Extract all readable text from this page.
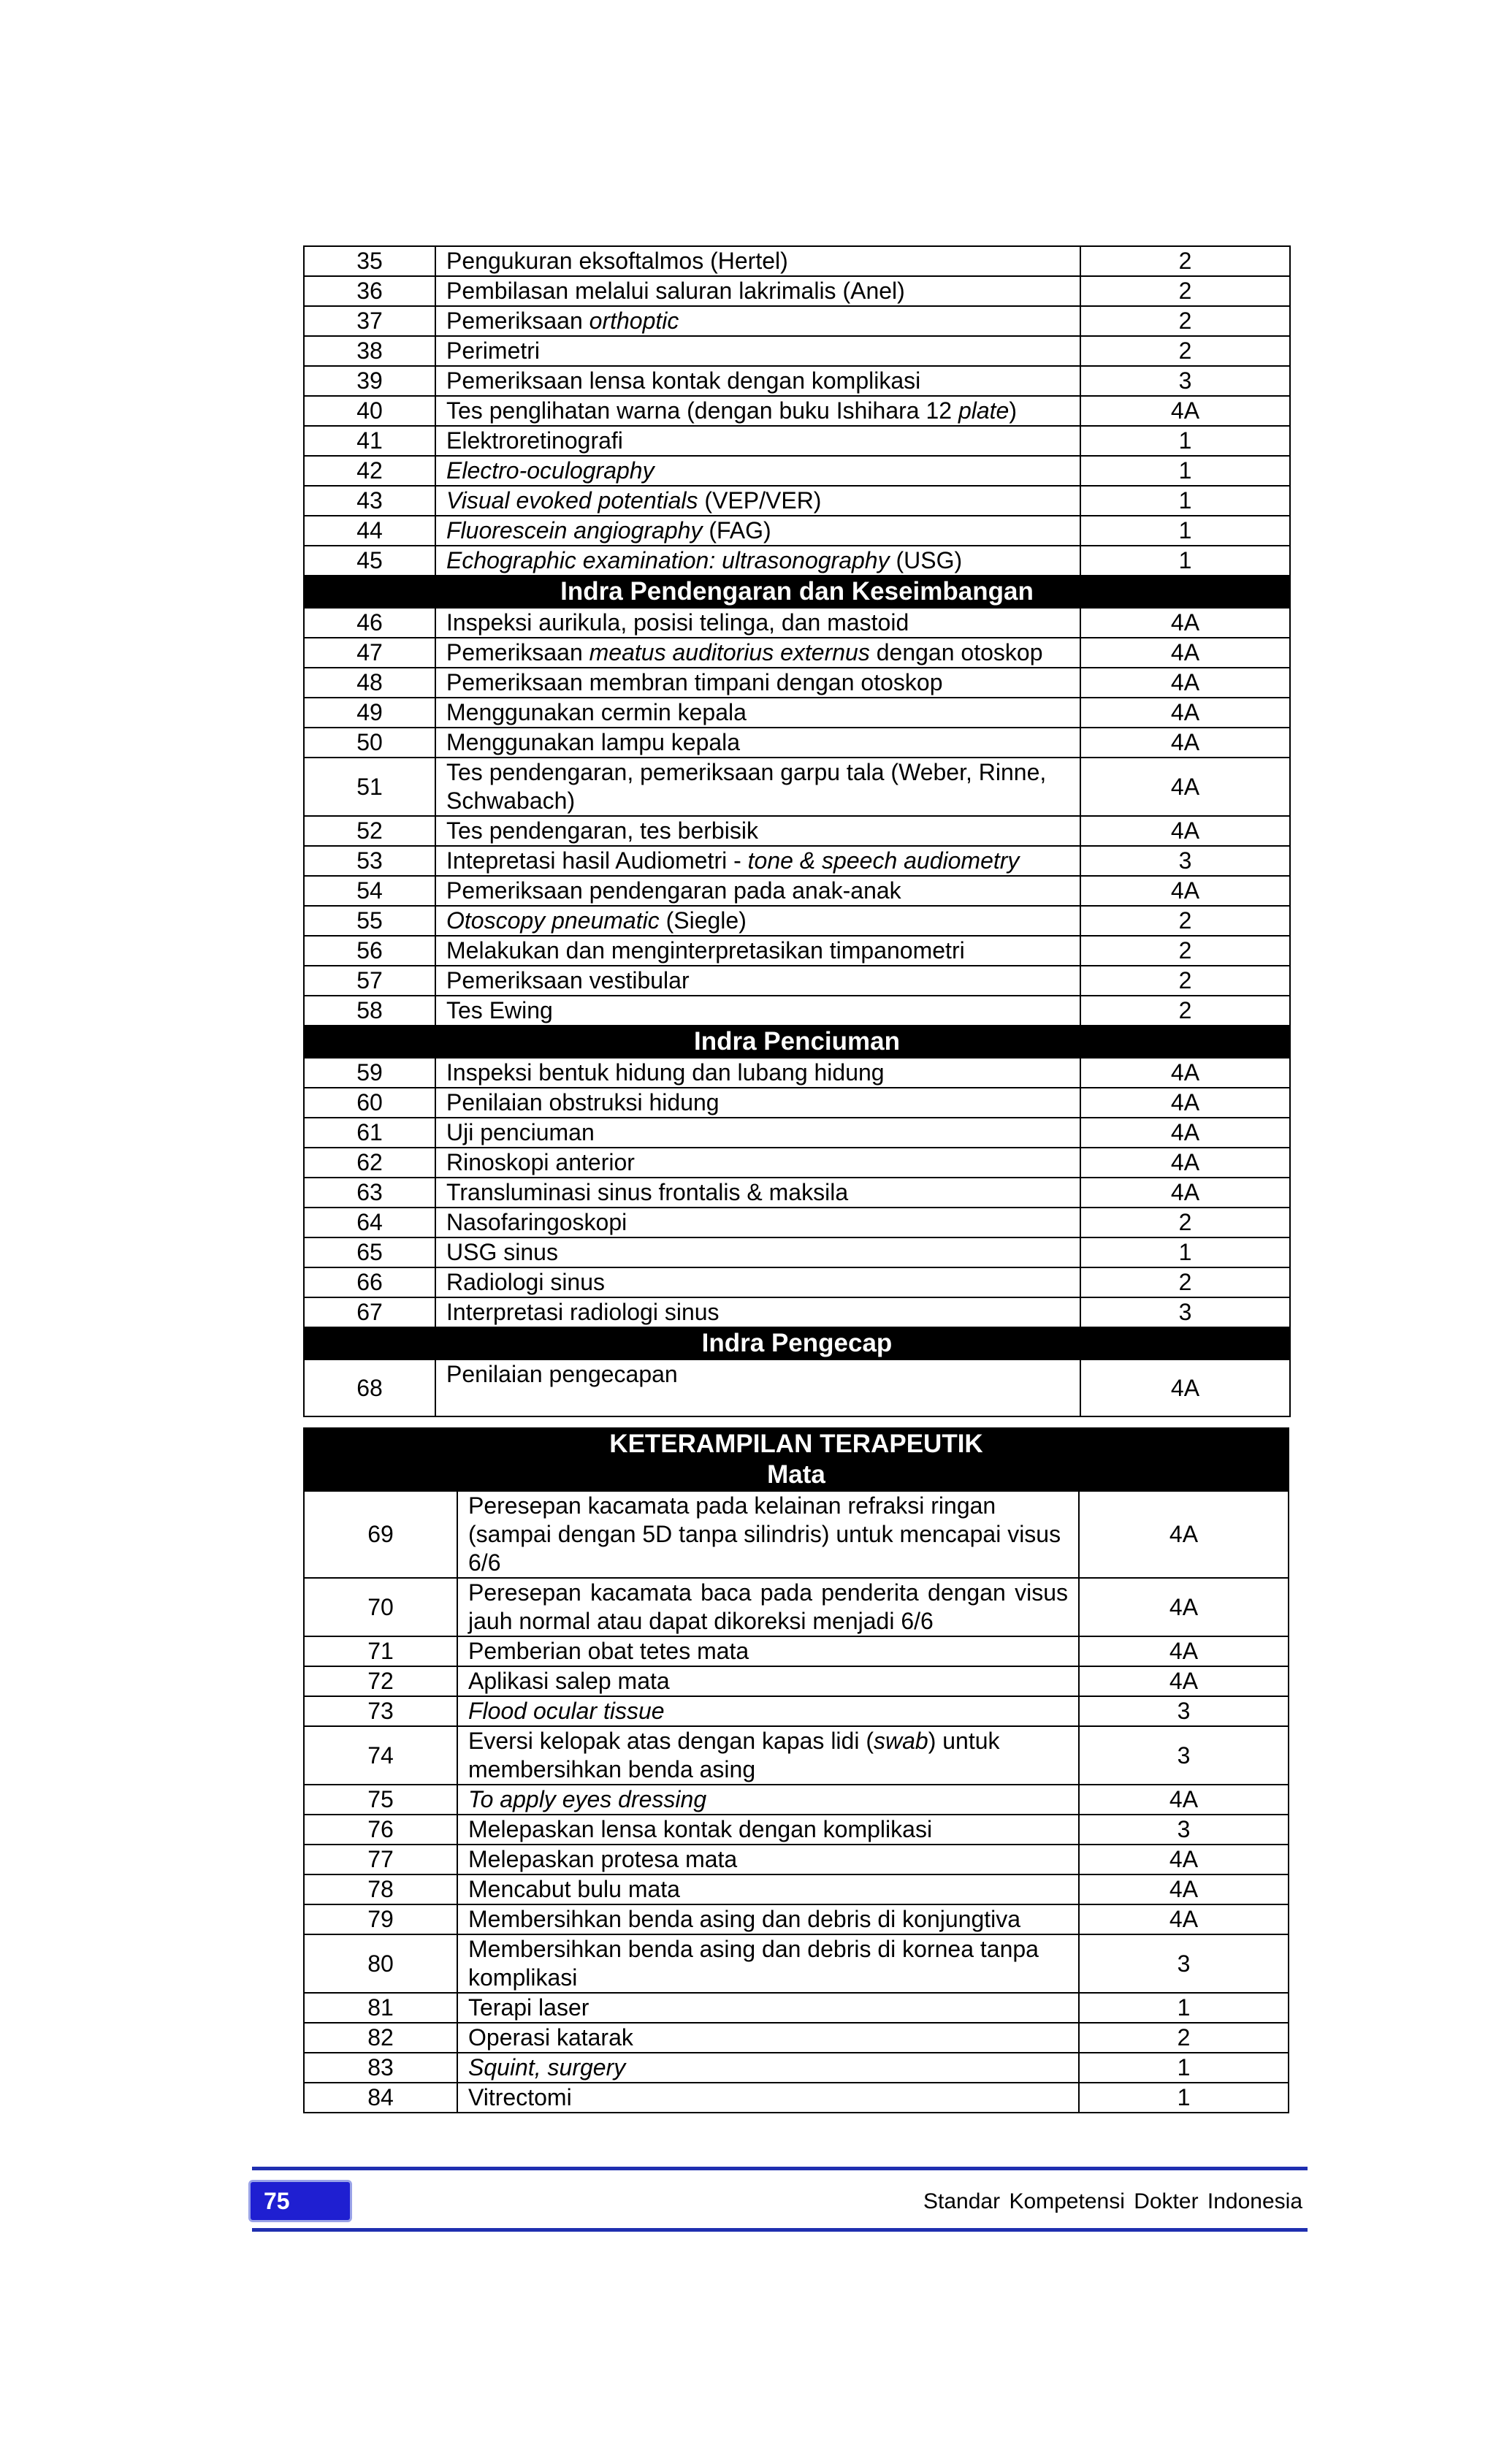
35	Pengukuran eksoftalmos (Hertel)	2
36	Pembilasan melalui saluran lakrimalis (Anel)	2
37	Pemeriksaan orthoptic	2
38	Perimetri	2
39	Pemeriksaan lensa kontak dengan komplikasi	3
40	Tes penglihatan warna (dengan buku Ishihara 12 plate)	4A
41	Elektroretinografi	1
42	Electro-oculography	1
43	Visual evoked potentials (VEP/VER)	1
44	Fluorescein angiography (FAG)	1
45	Echographic examination: ultrasonography (USG)	1
Indra Pendengaran dan Keseimbangan		
46	Inspeksi aurikula, posisi telinga, dan mastoid	4A
47	Pemeriksaan meatus auditorius externus dengan otoskop	4A
48	Pemeriksaan membran timpani dengan otoskop	4A
49	Menggunakan cermin kepala	4A
50	Menggunakan lampu kepala	4A
51	Tes pendengaran, pemeriksaan garpu tala (Weber, Rinne, Schwabach)	4A
52	Tes pendengaran, tes berbisik	4A
53	Intepretasi hasil Audiometri - tone & speech audiometry	3
54	Pemeriksaan pendengaran pada anak-anak	4A
55	Otoscopy pneumatic (Siegle)	2
56	Melakukan dan menginterpretasikan timpanometri	2
57	Pemeriksaan vestibular	2
58	Tes Ewing	2
Indra Penciuman		
59	Inspeksi bentuk hidung dan lubang hidung	4A
60	Penilaian obstruksi hidung	4A
61	Uji penciuman	4A
62	Rinoskopi anterior	4A
63	Transluminasi sinus frontalis & maksila	4A
64	Nasofaringoskopi	2
65	USG sinus	1
66	Radiologi sinus	2
67	Interpretasi radiologi sinus	3
Indra Pengecap		
68	Penilaian pengecapan	4A
KETERAMPILAN TERAPEUTIK
Mata		

69	Peresepan kacamata pada kelainan refraksi ringan (sampai dengan 5D tanpa silindris) untuk mencapai visus 6/6	4A
70	Peresepan kacamata baca pada penderita dengan visus jauh normal atau dapat dikoreksi menjadi 6/6	4A
71	Pemberian obat tetes mata	4A
72	Aplikasi salep mata	4A
73	Flood ocular tissue	3
74	Eversi kelopak atas dengan kapas lidi (swab) untuk membersihkan benda asing	3
75	To apply eyes dressing	4A
76	Melepaskan lensa kontak dengan komplikasi	3
77	Melepaskan protesa mata	4A
78	Mencabut bulu mata	4A
79	Membersihkan benda asing dan debris di konjungtiva	4A
80	Membersihkan benda asing dan debris di kornea tanpa komplikasi	3
81	Terapi laser	1
82	Operasi katarak	2
83	Squint, surgery	1
84	Vitrectomi	1
75	Standar Kompetensi Dokter Indonesia
